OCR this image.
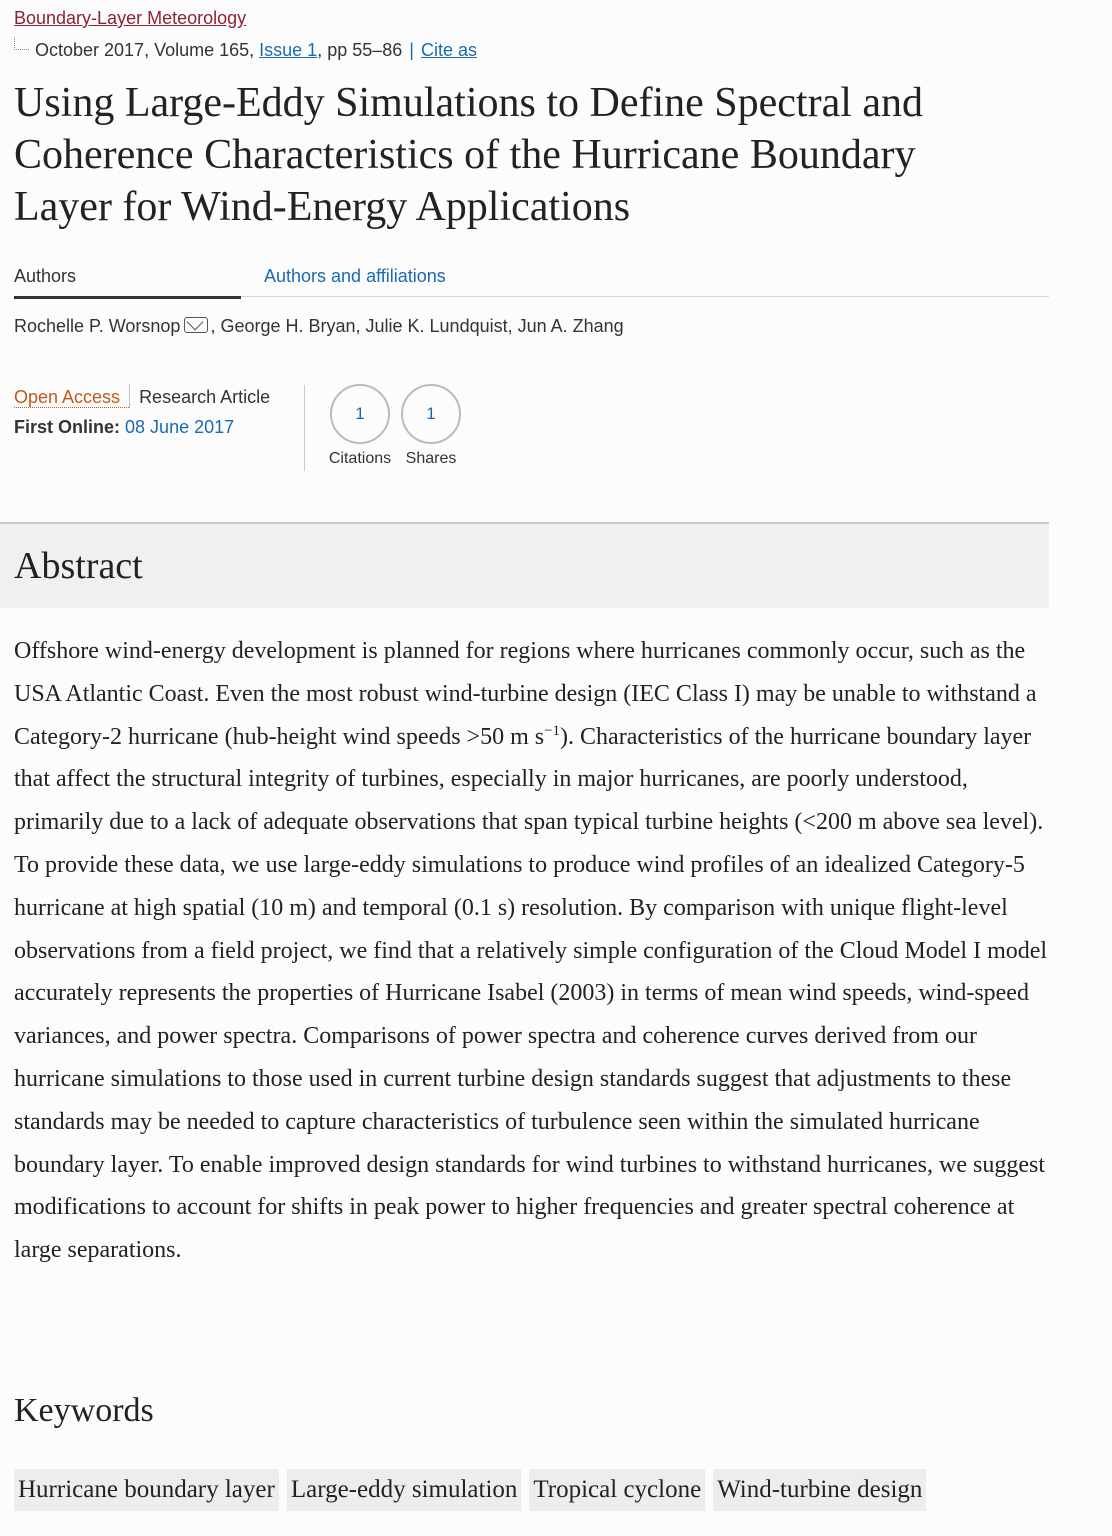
Boundary-Layer Meteorology
October 2017, Volume 165, Issue 1, pp 55–86 | Cite as
Using Large-Eddy Simulations to Define Spectral and Coherence Characteristics of the Hurricane Boundary Layer for Wind-Energy Applications
Authors	Authors and affiliations
Rochelle P. Worsnop , George H. Bryan, Julie K. Lundquist, Jun A. Zhang
Open Access Research Article
First Online: 08 June 2017
1
Citations
1
Shares
Abstract

Offshore wind-energy development is planned for regions where hurricanes commonly occur, such as the USA Atlantic Coast. Even the most robust wind-turbine design (IEC Class I) may be unable to withstand a Category-2 hurricane (hub-height wind speeds >50 m $s^{-1}$). Characteristics of the hurricane boundary layer that affect the structural integrity of turbines, especially in major hurricanes, are poorly understood, primarily due to a lack of adequate observations that span typical turbine heights (<200 m above sea level). To provide these data, we use large-eddy simulations to produce wind profiles of an idealized Category-5 hurricane at high spatial (10 m) and temporal (0.1 s) resolution. By comparison with unique flight-level observations from a field project, we find that a relatively simple configuration of the Cloud Model I model accurately represents the properties of Hurricane Isabel (2003) in terms of mean wind speeds, wind-speed variances, and power spectra. Comparisons of power spectra and coherence curves derived from our hurricane simulations to those used in current turbine design standards suggest that adjustments to these standards may be needed to capture characteristics of turbulence seen within the simulated hurricane boundary layer. To enable improved design standards for wind turbines to withstand hurricanes, we suggest modifications to account for shifts in peak power to higher frequencies and greater spectral coherence at large separations.

Keywords
Hurricane boundary layer Large-eddy simulation Tropical cyclone Wind-turbine design
